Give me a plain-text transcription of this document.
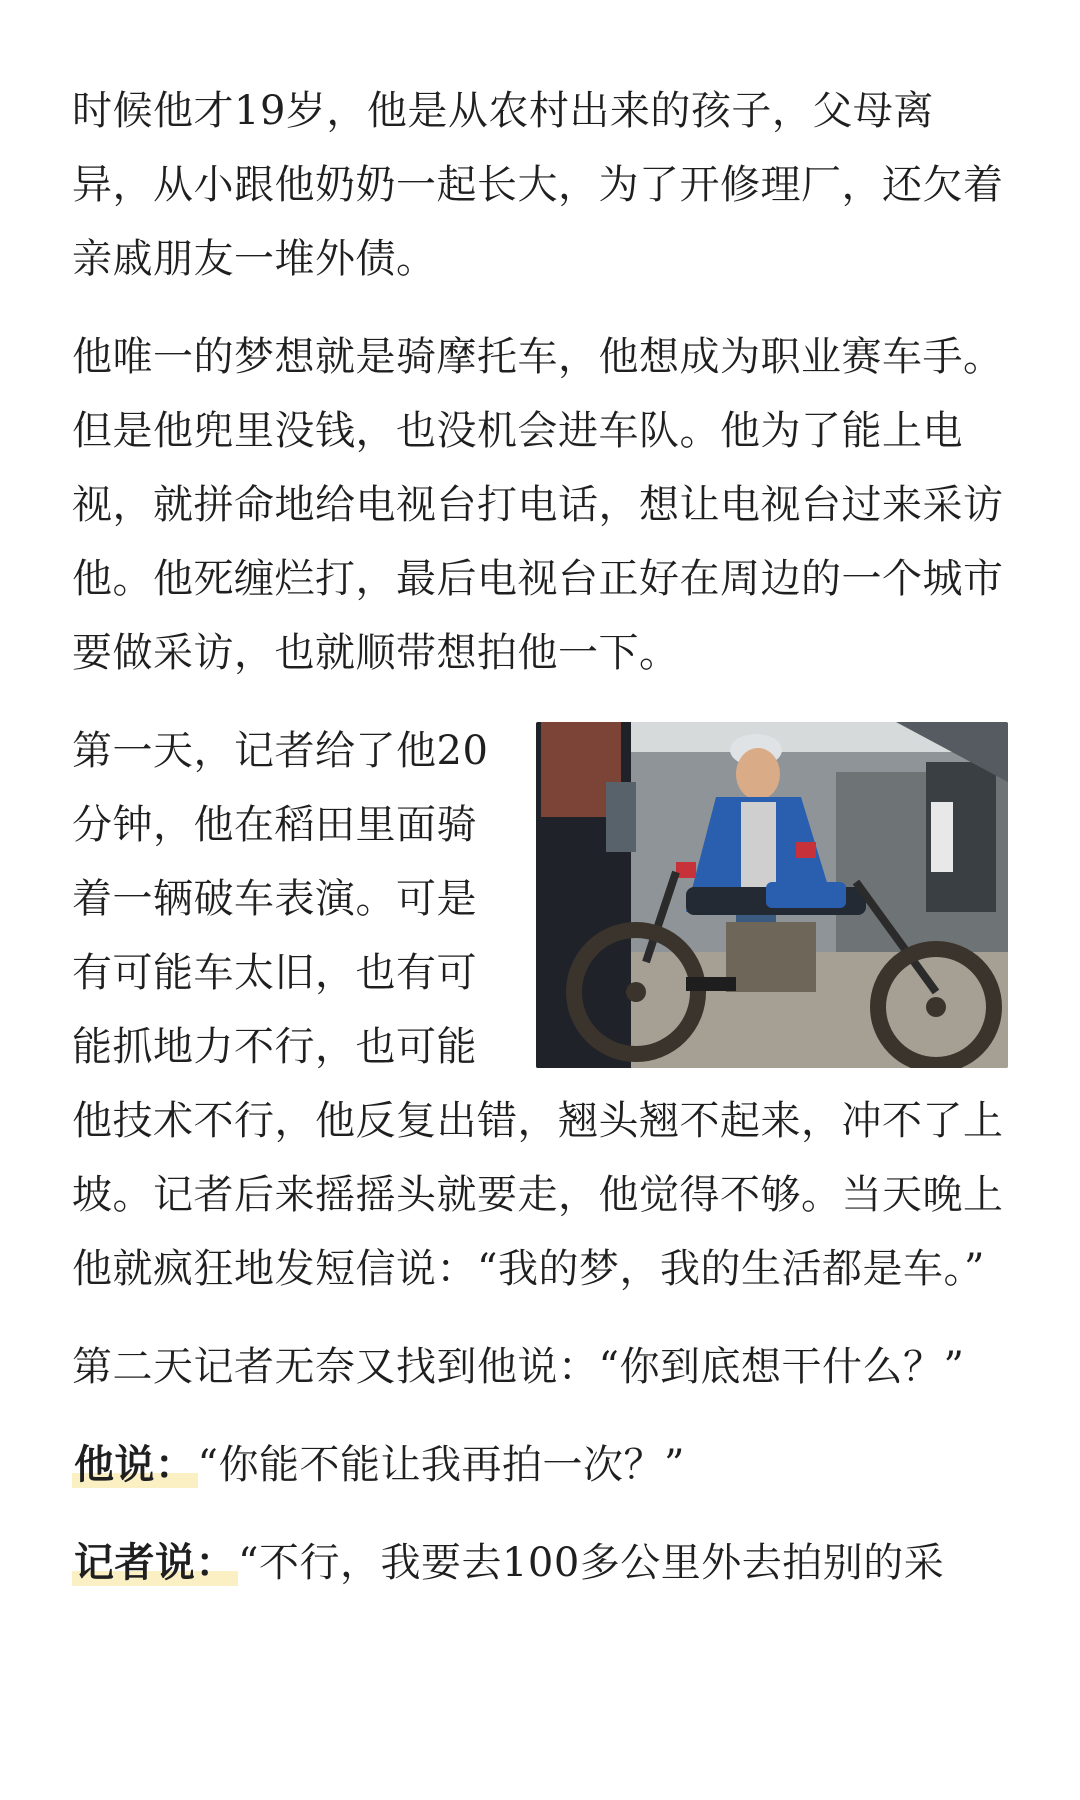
时候他才19岁，他是从农村出来的孩子，父母离异，从小跟他奶奶一起长大，为了开修理厂，还欠着亲戚朋友一堆外债。

他唯一的梦想就是骑摩托车，他想成为职业赛车手。但是他兜里没钱，也没机会进车队。他为了能上电视，就拼命地给电视台打电话，想让电视台过来采访他。他死缠烂打，最后电视台正好在周边的一个城市要做采访，也就顺带想拍他一下。

第一天，记者给了他20分钟，他在稻田里面骑着一辆破车表演。可是有可能车太旧，也有可能抓地力不行，也可能他技术不行，他反复出错，翘头翘不起来，冲不了上坡。记者后来摇摇头就要走，他觉得不够。当天晚上他就疯狂地发短信说：“我的梦，我的生活都是车。”

第二天记者无奈又找到他说：“你到底想干什么？”

他说：“你能不能让我再拍一次？”

记者说：“不行，我要去100多公里外去拍别的采
